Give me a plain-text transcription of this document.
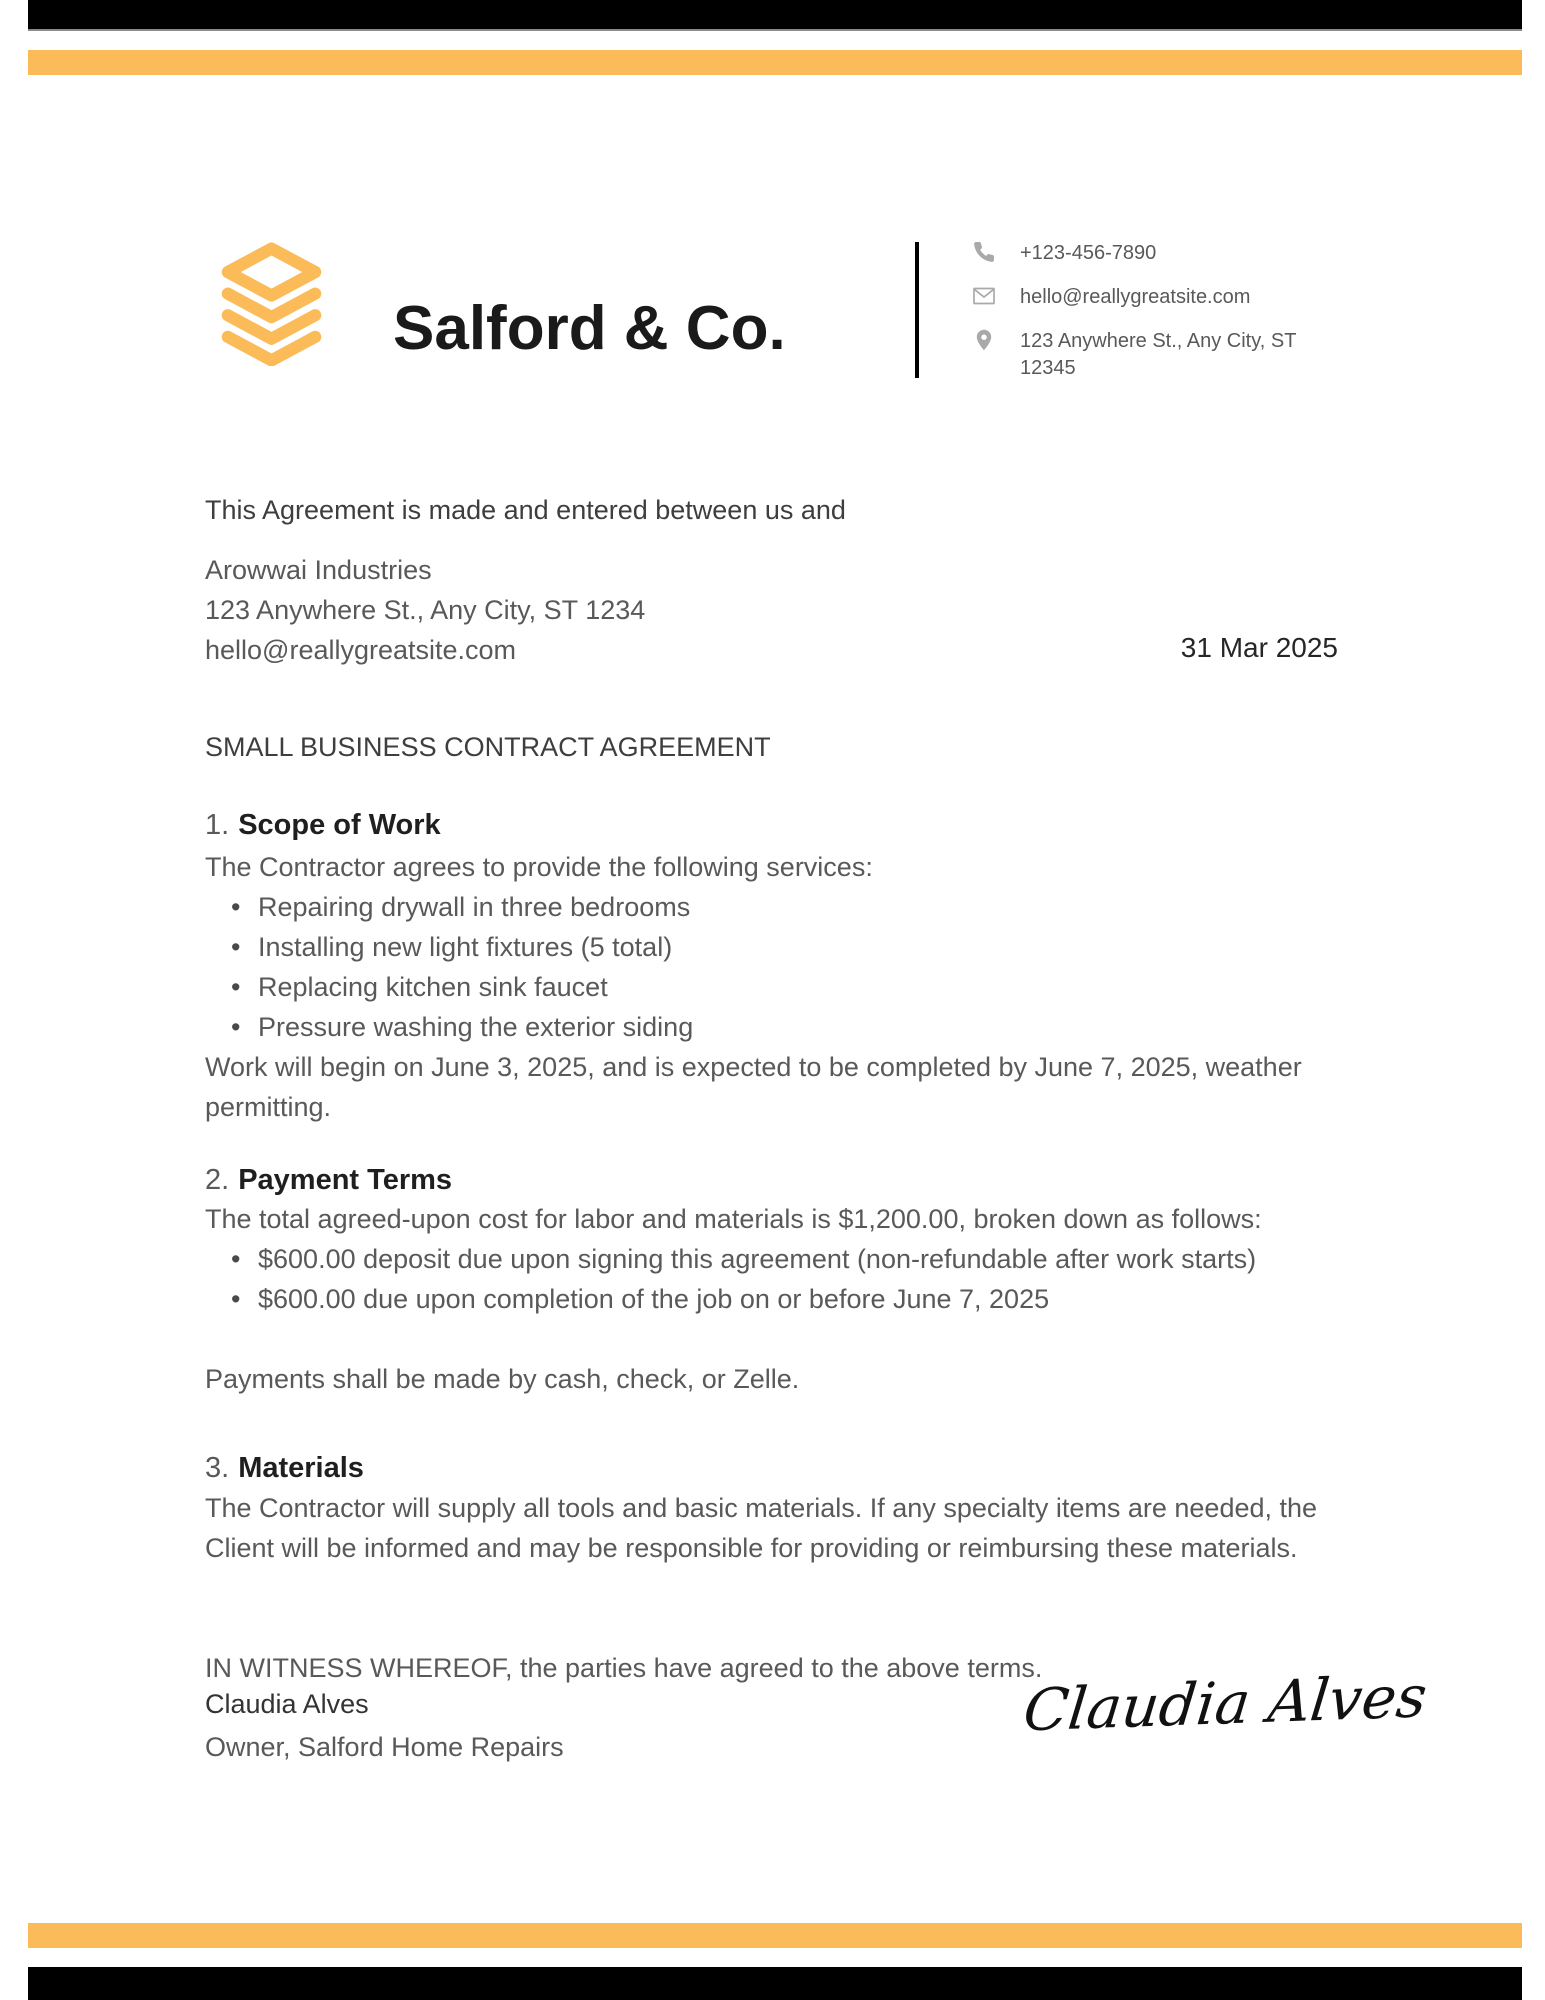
Salford & Co.
+123-456-7890
hello@reallygreatsite.com
123 Anywhere St., Any City, ST 12345
This Agreement is made and entered between us and
Arowwai Industries
123 Anywhere St., Any City, ST 1234
hello@reallygreatsite.com	31 Mar 2025
SMALL BUSINESS CONTRACT AGREEMENT
1. Scope of Work
The Contractor agrees to provide the following services:
• Repairing drywall in three bedrooms
• Installing new light fixtures (5 total)
• Replacing kitchen sink faucet
• Pressure washing the exterior siding
Work will begin on June 3, 2025, and is expected to be completed by June 7, 2025, weather permitting.
2. Payment Terms
The total agreed-upon cost for labor and materials is $1,200.00, broken down as follows:
• $600.00 deposit due upon signing this agreement (non-refundable after work starts)
• $600.00 due upon completion of the job on or before June 7, 2025
Payments shall be made by cash, check, or Zelle.
3. Materials
The Contractor will supply all tools and basic materials. If any specialty items are needed, the Client will be informed and may be responsible for providing or reimbursing these materials.
IN WITNESS WHEREOF, the parties have agreed to the above terms.
Claudia Alves
Owner, Salford Home Repairs
Claudia Alves
